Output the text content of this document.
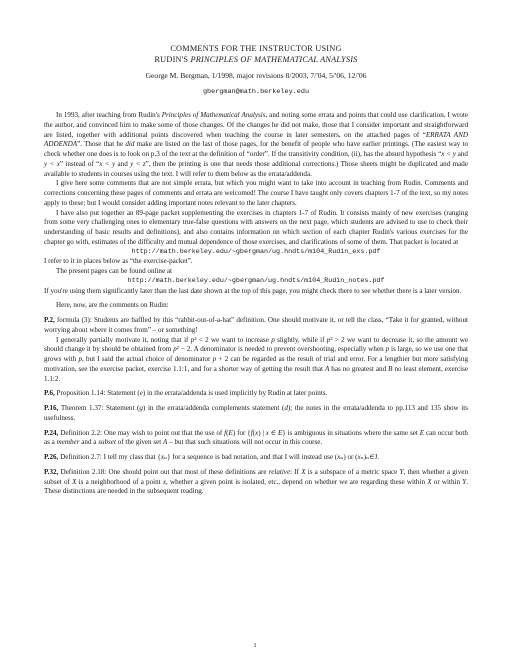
COMMENTS FOR THE INSTRUCTOR USING
RUDIN'S PRINCIPLES OF MATHEMATICAL ANALYSIS
George M. Bergman, 1/1998, major revisions 8/2003, 7/'04, 5/'06, 12/'06
gbergman@math.berkeley.edu

In 1993, after teaching from Rudin's Principles of Mathematical Analysis, and noting some errata and points that could use clarification, I wrote the author, and convinced him to make some of those changes. Of the changes he did not make, those that I consider important and straightforward are listed, together with additional points discovered when teaching the course in later semesters, on the attached pages of “ERRATA AND ADDENDA”. Those that he did make are listed on the last of those pages, for the benefit of people who have earlier printings. (The easiest way to check whether one does is to look on p.3 of the text at the definition of “order”. If the transitivity condition, (ii), has the absurd hypothesis “x < y and y < x” instead of “x < y and y < z”, then the printing is one that needs those additional corrections.) Those sheets might be duplicated and made available to students in courses using the text. I will refer to them below as the errata/addenda.

I give here some comments that are not simple errata, but which you might want to take into account in teaching from Rudin. Comments and corrections concerning these pages of comments and errata are welcomed! The course I have taught only covers chapters 1-7 of the text, so my notes apply to these; but I would consider adding important notes relevant to the later chapters.

I have also put together an 89-page packet supplementing the exercises in chapters 1-7 of Rudin. It consists mainly of new exercises (ranging from some very challenging ones to elementary true-false questions with answers on the next page, which students are advised to use to check their understanding of basic results and definitions), and also contains information on which section of each chapter Rudin's various exercises for the chapter go with, estimates of the difficulty and mutual dependence of those exercises, and clarifications of some of them. That packet is located at

http://math.berkeley.edu/~gbergman/ug.hndts/m104_Rudin_exs.pdf

I refer to it in places below as “the exercise-packet”.

The present pages can be found online at

http://math.berkeley.edu/~gbergman/ug.hndts/m104_Rudin_notes.pdf

If you're using them significantly later than the last date shown at the top of this page, you might check there to see whether there is a later version.

Here, now, are the comments on Rudin:

P.2, formula (3): Students are baffled by this “rabbit-out-of-a-hat” definition. One should motivate it, or tell the class, “Take it for granted, without worrying about where it comes from” – or something!

I generally partially motivate it, noting that if p² < 2 we want to increase p slightly, while if p² > 2 we want to decrease it, so the amount we should change it by should be obtained from p² − 2. A denominator is needed to prevent overshooting, especially when p is large, so we use one that grows with p, but I said the actual choice of denominator p + 2 can be regarded as the result of trial and error. For a lengthier but more satisfying motivation, see the exercise packet, exercise 1.1:1, and for a shorter way of getting the result that A has no greatest and B no least element, exercise 1.1:2.

P.6, Proposition 1.14: Statement (e) in the errata/addenda is used implicitly by Rudin at later points.

P.16, Theorem 1.37: Statement (g) in the errata/addenda complements statement (d); the notes in the errata/addenda to pp.113 and 135 show its usefulness.

P.24, Definition 2.2: One may wish to point out that the use of f(E) for {f(x) | x ∈ E} is ambiguous in situations where the same set E can occur both as a member and a subset of the given set A – but that such situations will not occur in this course.

P.26, Definition 2.7: I tell my class that {xₙ} for a sequence is bad notation, and that I will instead use (xₙ) or (xₙ)ₙ∈J.

P.32, Definition 2.18: One should point out that most of these definitions are relative: If X is a subspace of a metric space Y, then whether a given subset of X is a neighborhood of a point x, whether a given point is isolated, etc., depend on whether we are regarding these within X or within Y. These distinctions are needed in the subsequent reading.

1
